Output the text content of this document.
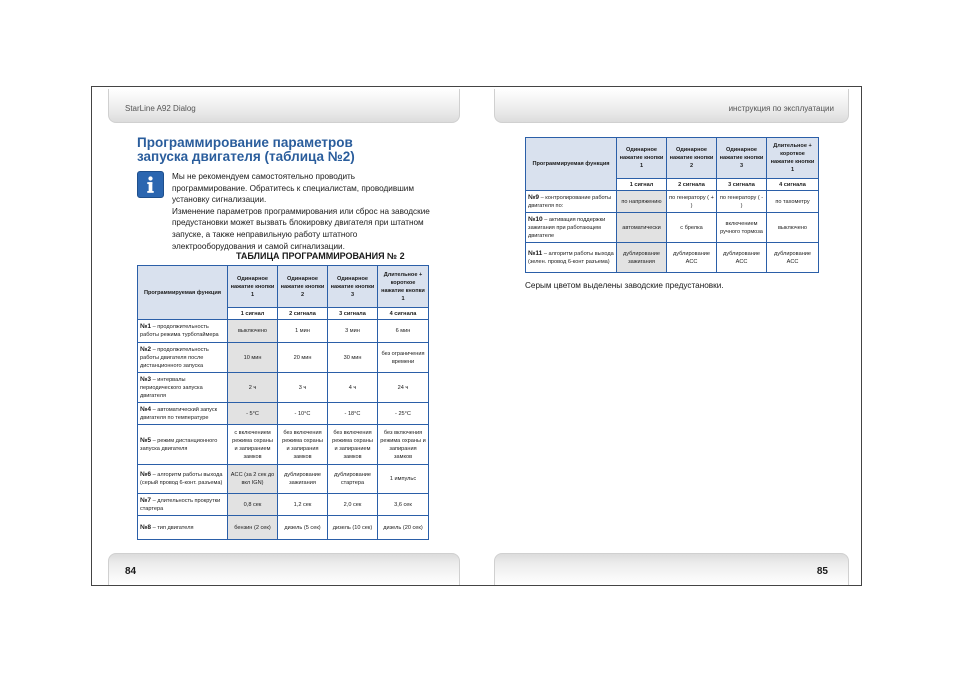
StarLine A92 Dialog	инструкция по эксплуатации
Программирование параметров
запуска двигателя (таблица №2)

Мы не рекомендуем самостоятельно проводить программирование. Обратитесь к специалистам, проводившим установку сигнализации.

Изменение параметров программирования или сброс на заводские предустановки может вызвать блокировку двигателя при штатном запуске, а также неправильную работу штатного электрооборудования и самой сигнализации.

ТАБЛИЦА ПРОГРАММИРОВАНИЯ № 2
Программируемая функция	Одинарное нажатие кнопки 1	Одинарное нажатие кнопки 2	Одинарное нажатие кнопки 3	Длительное + короткое нажатие кнопки 1
	1 сигнал	2 сигнала	3 сигнала	4 сигнала
№1 – продолжительность работы режима турботаймера	выключено	1 мин	3 мин	6 мин
№2 – продолжительность работы двигателя после дистанционного запуска	10 мин	20 мин	30 мин	без ограничения времени
№3 – интервалы периодического запуска двигателя	2 ч	3 ч	4 ч	24 ч
№4 – автоматический запуск двигателя по температуре	- 5°C	- 10°C	- 18°C	- 25°C
№5 – режим дистанционного запуска двигателя	с включением режима охраны и запиранием замков	без включения режима охраны и запирания замков	без включения режима охраны и запиранием замков	без включения режима охраны и запирания замков
№6 – алгоритм работы выхода (серый провод 6-конт. разъема)	ACC (за 2 сек до вкл IGN)	дублирование зажигания	дублирование стартера	1 импульс
№7 – длительность прокрутки стартера	0,8 сек	1,2 сек	2,0 сек	3,6 сек
№8 – тип двигателя	бензин (2 сек)	дизель (5 сек)	дизель (10 сек)	дизель (20 сек)
Программируемая функция	Одинарное нажатие кнопки 1	Одинарное нажатие кнопки 2	Одинарное нажатие кнопки 3	Длительное + короткое нажатие кнопки 1
	1 сигнал	2 сигнала	3 сигнала	4 сигнала
№9 – контролирование работы двигателя по:	по напряжению	по генератору ( + )	по генератору ( - )	по тахометру
№10 – активация поддержки зажигания при работающем двигателе	автоматически	с брелка	включением ручного тормоза	выключено
№11 – алгоритм работы выхода (зелен. провод 6-конт разъема)	дублирование зажигания	дублирование ACC	дублирование ACC	дублирование ACC
Серым цветом выделены заводские предустановки.
84	85
